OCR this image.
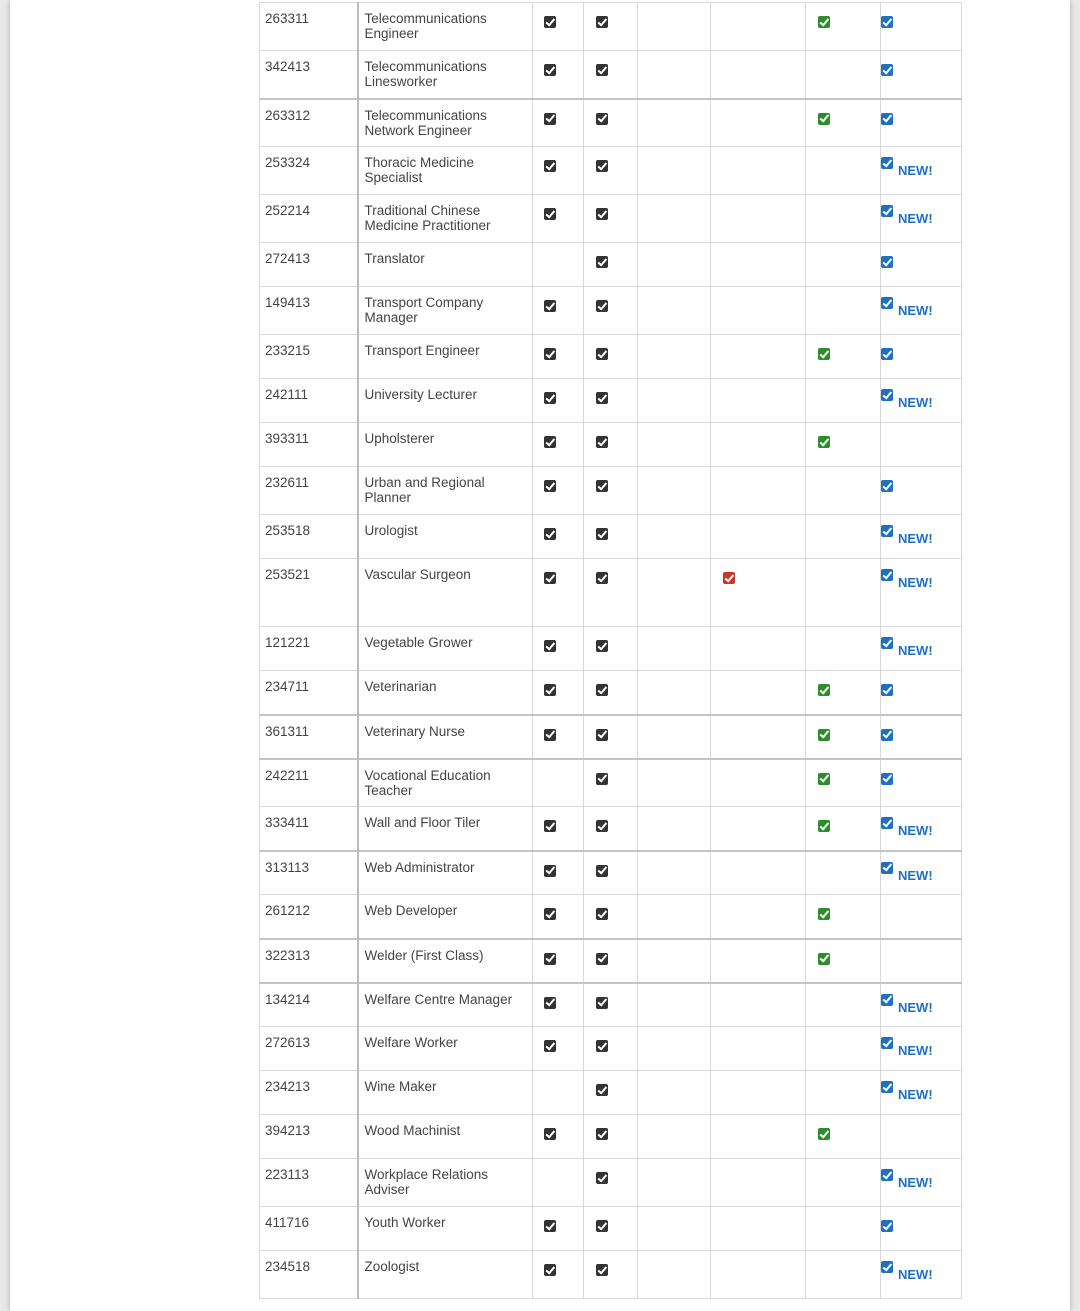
263311	Telecommunications
Engineer						

342413	Telecommunications
Linesworker						

263312	Telecommunications
Network Engineer						

253324	Thoracic Medicine
Specialist						NEW!
252214	Traditional Chinese
Medicine Practitioner						NEW!
272413	Translator						

149413	Transport Company
Manager						NEW!
233215	Transport Engineer						

242111	University Lecturer						NEW!
393311	Upholsterer						

232611	Urban and Regional
Planner						

253518	Urologist						NEW!
253521	Vascular Surgeon						NEW!
121221	Vegetable Grower						NEW!
234711	Veterinarian						

361311	Veterinary Nurse						

242211	Vocational Education
Teacher						

333411	Wall and Floor Tiler						NEW!
313113	Web Administrator						NEW!
261212	Web Developer						

322313	Welder (First Class)						

134214	Welfare Centre Manager						NEW!
272613	Welfare Worker						NEW!
234213	Wine Maker						NEW!
394213	Wood Machinist						

223113	Workplace Relations
Adviser						NEW!
411716	Youth Worker						

234518	Zoologist						NEW!
